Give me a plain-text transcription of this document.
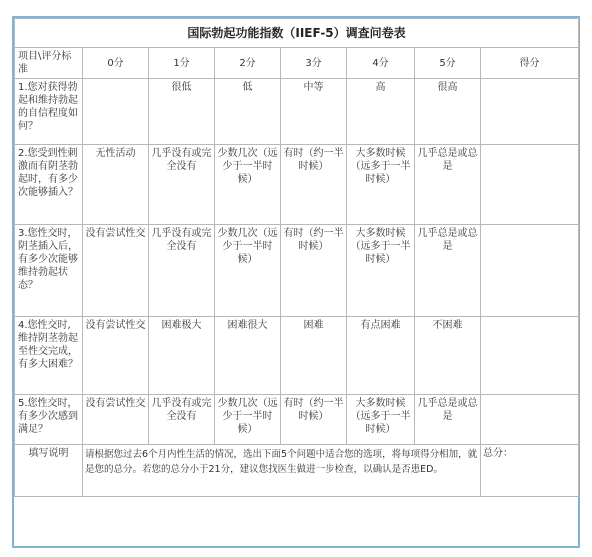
国际勃起功能指数（IIEF-5）调查问卷表							
项目\评分标准	0分	1分	2分	3分	4分	5分	得分
1.您对获得勃起和维持勃起的自信程度如何？		很低	低	中等	高	很高	
2.您受到性刺激而有阴茎勃起时，有多少次能够插入？	无性活动	几乎没有或完全没有	少数几次（远少于一半时候）	有时（约一半时候）	大多数时候（远多于一半时候）	几乎总是或总是	
3.您性交时，阴茎插入后，有多少次能够维持勃起状态？	没有尝试性交	几乎没有或完全没有	少数几次（远少于一半时候）	有时（约一半时候）	大多数时候（远多于一半时候）	几乎总是或总是	
4.您性交时,维持阴茎勃起至性交完成，有多大困难？	没有尝试性交	困难极大	困难很大	困难	有点困难	不困难	
5.您性交时，有多少次感到满足？	没有尝试性交	几乎没有或完全没有	少数几次（远少于一半时候）	有时（约一半时候）	大多数时候（远多于一半时候）	几乎总是或总是	
填写说明	请根据您过去6个月内性生活的情况，选出下面5个问题中适合您的选项，将每项得分相加，就是您的总分。若您的总分小于21分，建议您找医生做进一步检查，以确认是否患ED。						总分：
